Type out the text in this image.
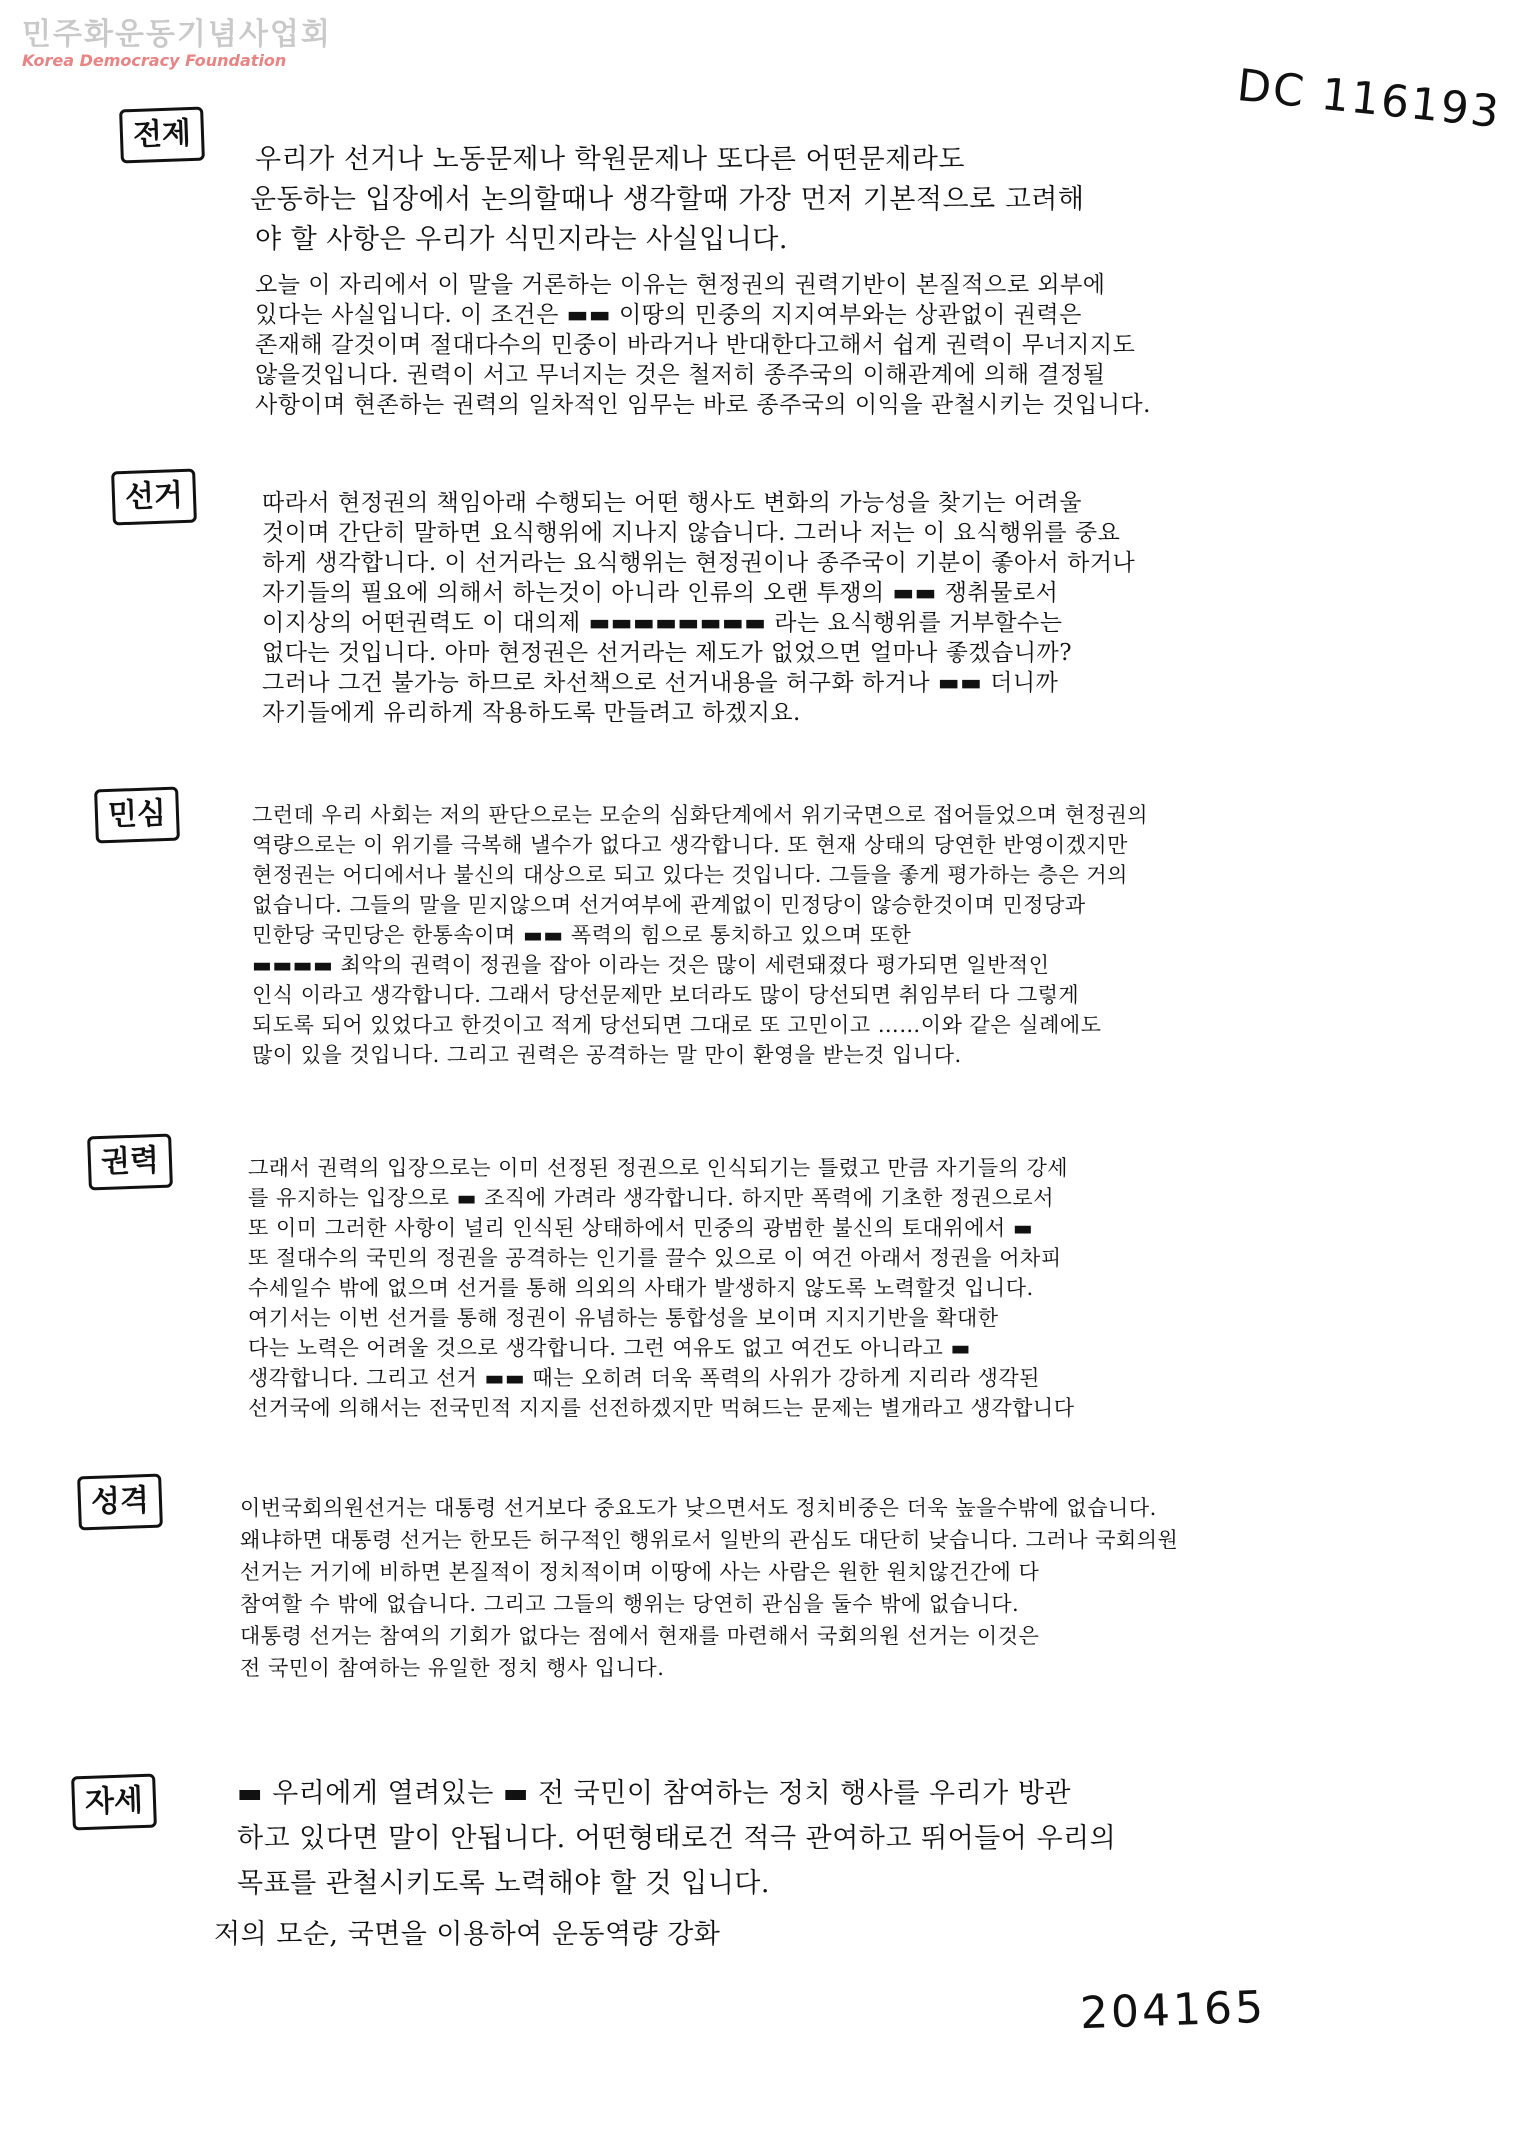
민주화운동기념사업회
Korea Democracy Foundation	DC 116193
전제
우리가 선거나 노동문제나 학원문제나 또다른 어떤문제라도
운동하는 입장에서 논의할때나 생각할때 가장 먼저 기본적으로 고려해
야 할 사항은 우리가 식민지라는 사실입니다.
오늘 이 자리에서 이 말을 거론하는 이유는 현정권의 권력기반이 본질적으로 외부에
있다는 사실입니다. 이 조건은 ▬▬ 이땅의 민중의 지지여부와는 상관없이 권력은
존재해 갈것이며 절대다수의 민중이 바라거나 반대한다고해서 쉽게 권력이 무너지지도
않을것입니다. 권력이 서고 무너지는 것은 철저히 종주국의 이해관계에 의해 결정될
사항이며 현존하는 권력의 일차적인 임무는 바로 종주국의 이익을 관철시키는 것입니다.
선거	따라서 현정권의 책임아래 수행되는 어떤 행사도 변화의 가능성을 찾기는 어려울
것이며 간단히 말하면 요식행위에 지나지 않습니다. 그러나 저는 이 요식행위를 중요
하게 생각합니다. 이 선거라는 요식행위는 현정권이나 종주국이 기분이 좋아서 하거나
자기들의 필요에 의해서 하는것이 아니라 인류의 오랜 투쟁의 ▬▬ 쟁취물로서
이지상의 어떤권력도 이 대의제 ▬▬▬▬▬▬▬▬ 라는 요식행위를 거부할수는
없다는 것입니다. 아마 현정권은 선거라는 제도가 없었으면 얼마나 좋겠습니까?
그러나 그건 불가능 하므로 차선책으로 선거내용을 허구화 하거나 ▬▬ 더니까
자기들에게 유리하게 작용하도록 만들려고 하겠지요.
민심	그런데 우리 사회는 저의 판단으로는 모순의 심화단계에서 위기국면으로 접어들었으며 현정권의
역량으로는 이 위기를 극복해 낼수가 없다고 생각합니다. 또 현재 상태의 당연한 반영이겠지만
현정권는 어디에서나 불신의 대상으로 되고 있다는 것입니다. 그들을 좋게 평가하는 층은 거의
없습니다. 그들의 말을 믿지않으며 선거여부에 관계없이 민정당이 않승한것이며 민정당과
민한당 국민당은 한통속이며 ▬▬ 폭력의 힘으로 통치하고 있으며 또한
▬▬▬▬ 최악의 권력이 정권을 잡아 이라는 것은 많이 세련돼졌다 평가되면 일반적인
인식 이라고 생각합니다. 그래서 당선문제만 보더라도 많이 당선되면 취임부터 다 그렇게
되도록 되어 있었다고 한것이고 적게 당선되면 그대로 또 고민이고 ……이와 같은 실례에도
많이 있을 것입니다. 그리고 권력은 공격하는 말 만이 환영을 받는것 입니다.
권력	그래서 권력의 입장으로는 이미 선정된 정권으로 인식되기는 틀렸고 만큼 자기들의 강세
를 유지하는 입장으로 ▬ 조직에 가려라 생각합니다. 하지만 폭력에 기초한 정권으로서
또 이미 그러한 사항이 널리 인식된 상태하에서 민중의 광범한 불신의 토대위에서 ▬
또 절대수의 국민의 정권을 공격하는 인기를 끌수 있으로 이 여건 아래서 정권을 어차피
수세일수 밖에 없으며 선거를 통해 의외의 사태가 발생하지 않도록 노력할것 입니다.
여기서는 이번 선거를 통해 정권이 유념하는 통합성을 보이며 지지기반을 확대한
다는 노력은 어려울 것으로 생각합니다. 그런 여유도 없고 여건도 아니라고 ▬
생각합니다. 그리고 선거 ▬▬ 때는 오히려 더욱 폭력의 사위가 강하게 지리라 생각된
선거국에 의해서는 전국민적 지지를 선전하겠지만 먹혀드는 문제는 별개라고 생각합니다
성격	이번국회의원선거는 대통령 선거보다 중요도가 낮으면서도 정치비중은 더욱 높을수밖에 없습니다.
왜냐하면 대통령 선거는 한모든 허구적인 행위로서 일반의 관심도 대단히 낮습니다. 그러나 국회의원
선거는 거기에 비하면 본질적이 정치적이며 이땅에 사는 사람은 원한 원치않건간에 다
참여할 수 밖에 없습니다. 그리고 그들의 행위는 당연히 관심을 둘수 밖에 없습니다.
대통령 선거는 참여의 기회가 없다는 점에서 현재를 마련해서 국회의원 선거는 이것은
전 국민이 참여하는 유일한 정치 행사 입니다.
자세	▬ 우리에게 열려있는 ▬ 전 국민이 참여하는 정치 행사를 우리가 방관
하고 있다면 말이 안됩니다. 어떤형태로건 적극 관여하고 뛰어들어 우리의
목표를 관철시키도록 노력해야 할 것 입니다.
저의 모순, 국면을 이용하여 운동역량 강화
204165
